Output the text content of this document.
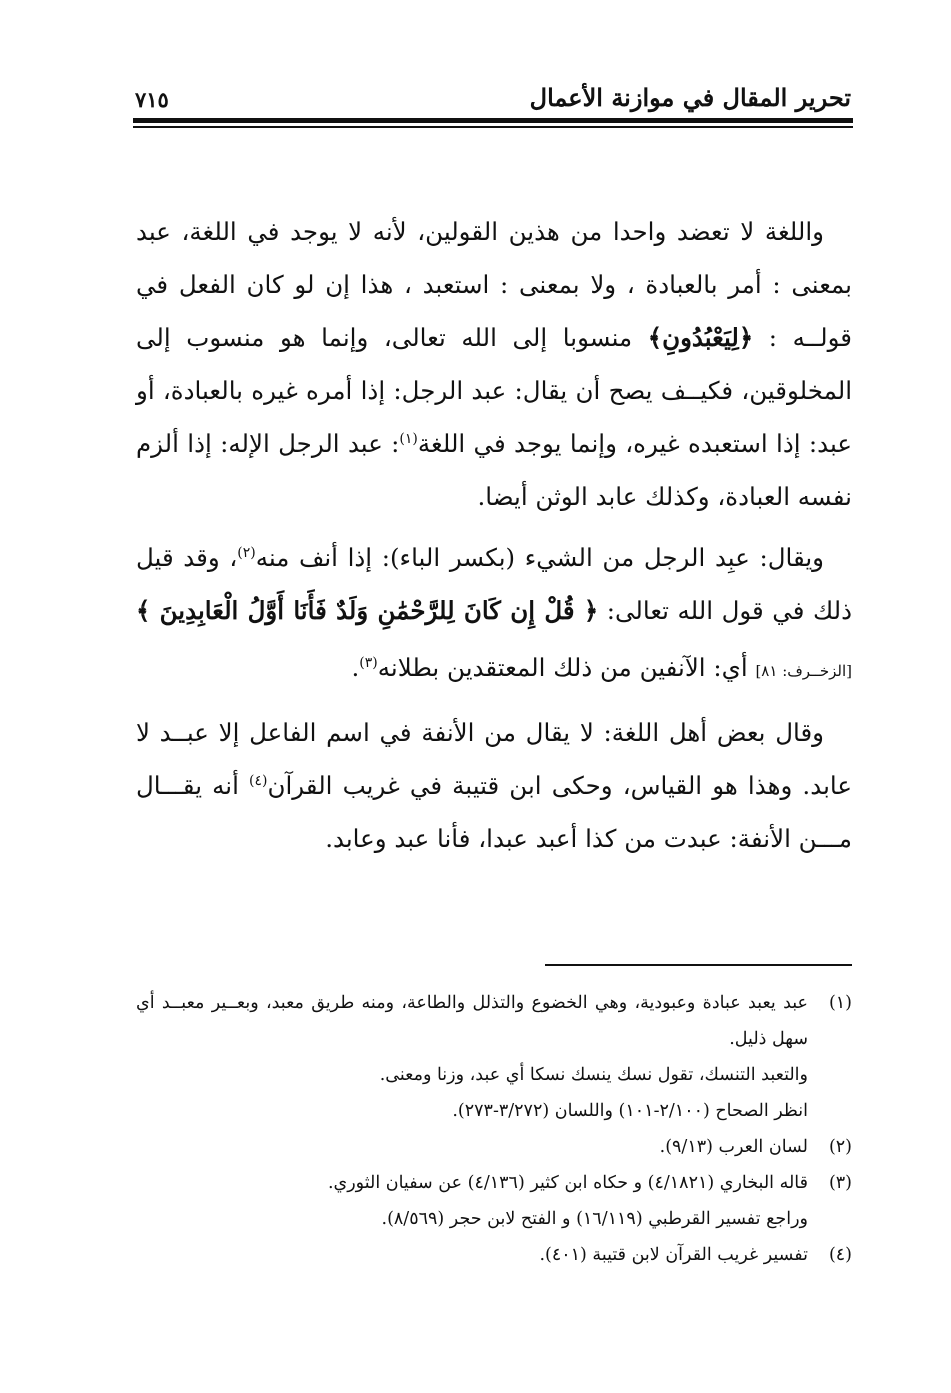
تحرير المقال في موازنة الأعمال
٧١٥

واللغة لا تعضد واحدا من هذين القولين، لأنه لا يوجد في اللغة، عبد بمعنى : أمر بالعبادة ، ولا بمعنى : استعبد ، هذا إن لو كان الفعل في قولــه : ﴿لِيَعْبُدُونِ﴾ منسوبا إلى الله تعالى، وإنما هو منسوب إلى المخلوقين، فكيــف يصح أن يقال: عبد الرجل: إذا أمره غيره بالعبادة، أو عبد: إذا استعبده غيره، وإنما يوجد في اللغة$^{(١)}$: عبد الرجل الإله: إذا ألزم نفسه العبادة، وكذلك عابد الوثن أيضا.

ويقال: عبِد الرجل من الشيء (بكسر الباء): إذا أنف منه$^{(٢)}$، وقد قيل ذلك في قول الله تعالى: ﴿ قُلْ إِن كَانَ لِلرَّحْمَٰنِ وَلَدٌ فَأَنَا أَوَّلُ الْعَابِدِينَ ﴾ [الزخــرف: ٨١] أي: الآنفين من ذلك المعتقدين بطلانه$^{(٣)}$.

وقال بعض أهل اللغة: لا يقال من الأنفة في اسم الفاعل إلا عبــد لا عابد. وهذا هو القياس، وحكى ابن قتيبة في غريب القرآن$^{(٤)}$ أنه يقـــال مـــن الأنفة: عبدت من كذا أعبد عبدا، فأنا عبد وعابد.

(١)
عبد يعبد عبادة وعبودية، وهي الخضوع والتذلل والطاعة، ومنه طريق معبد، وبعــير معبــد أي سهل ذليل.
والتعبد التنسك، تقول نسك ينسك نسكا أي عبد، وزنا ومعنى.
انظر الصحاح (٢/١٠٠-١٠١) واللسان (٣/٢٧٢-٢٧٣).
(٢)
لسان العرب (٩/١٣).
(٣)
قاله البخاري (٤/١٨٢١) و حكاه ابن كثير (٤/١٣٦) عن سفيان الثوري.
وراجع تفسير القرطبي (١٦/١١٩) و الفتح لابن حجر (٨/٥٦٩).
(٤)
تفسير غريب القرآن لابن قتيبة (٤٠١).
